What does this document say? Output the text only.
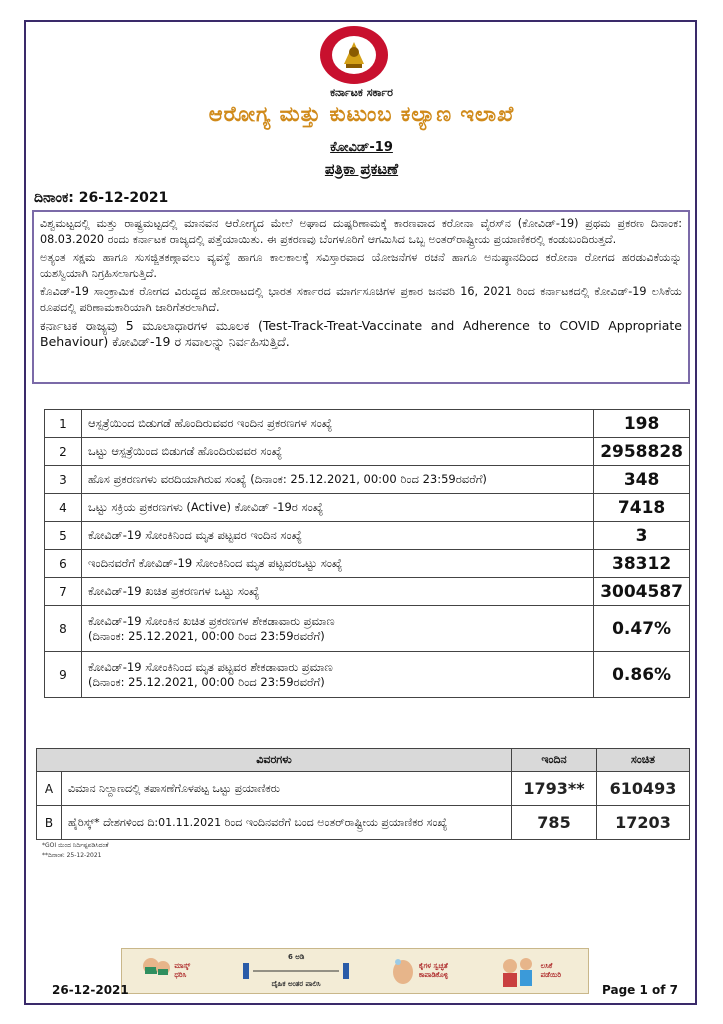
ಕರ್ನಾಟಕ ಸರ್ಕಾರ
ಆರೋಗ್ಯ ಮತ್ತು ಕುಟುಂಬ ಕಲ್ಯಾಣ ಇಲಾಖೆ
ಕೋವಿಡ್-19
ಪತ್ರಿಕಾ ಪ್ರಕಟಣೆ
ದಿನಾಂಕ: 26-12-2021

ವಿಶ್ವಮಟ್ಟದಲ್ಲಿ ಮತ್ತು ರಾಷ್ಟ್ರಮಟ್ಟದಲ್ಲಿ ಮಾನವನ ಆರೋಗ್ಯದ ಮೇಲೆ ಅಘಾದ ದುಷ್ಪರಿಣಾಮಕ್ಕೆ ಕಾರಣವಾದ ಕರೋನಾ ವೈರಸ್‌ನ (ಕೋವಿಡ್-19) ಪ್ರಥಮ ಪ್ರಕರಣ ದಿನಾಂಕ: 08.03.2020 ರಂದು ಕರ್ನಾಟಕ ರಾಜ್ಯದಲ್ಲಿ ಪತ್ತೆಯಾಯಿತು. ಈ ಪ್ರಕರಣವು ಬೆಂಗಳೂರಿಗೆ ಆಗಮಿಸಿದ ಒಬ್ಬ ಅಂತರ್‌ರಾಷ್ಟ್ರೀಯ ಪ್ರಯಾಣಿಕರಲ್ಲಿ ಕಂಡುಬಂದಿರುತ್ತದೆ.

ಅತ್ಯಂತ ಸಕ್ಷಮ ಹಾಗೂ ಸುಸಜ್ಜಿತಕಣ್ಗಾವಲು ವ್ಯವಸ್ಥೆ ಹಾಗೂ ಕಾಲಕಾಲಕ್ಕೆ ಸವಿಸ್ತಾರವಾದ ಯೋಜನೆಗಳ ರಚನೆ ಹಾಗೂ ಅನುಷ್ಠಾನದಿಂದ ಕರೋನಾ ರೋಗದ ಹರಡುವಿಕೆಯನ್ನು ಯಶಸ್ವಿಯಾಗಿ ನಿಗ್ರಹಿಸಲಾಗುತ್ತಿದೆ.

ಕೊವಿಡ್-19 ಸಾಂಕ್ರಾಮಿಕ ರೋಗದ ವಿರುದ್ಧದ ಹೋರಾಟದಲ್ಲಿ ಭಾರತ ಸರ್ಕಾರದ ಮಾರ್ಗಸೂಚಿಗಳ ಪ್ರಕಾರ ಜನವರಿ 16, 2021 ರಿಂದ ಕರ್ನಾಟಕದಲ್ಲಿ ಕೋವಿಡ್-19 ಲಸಿಕೆಯ ರೂಪದಲ್ಲಿ ಪರಿಣಾಮಕಾರಿಯಾಗಿ ಜಾರಿಗೆತರಲಾಗಿದೆ.

ಕರ್ನಾಟಕ ರಾಜ್ಯವು 5 ಮೂಲಾಧಾರಗಳ ಮೂಲಕ (Test-Track-Treat-Vaccinate and Adherence to COVID Appropriate Behaviour) ಕೋವಿಡ್-19 ರ ಸವಾಲನ್ನು ನಿರ್ವಹಿಸುತ್ತಿದೆ.

1	ಆಸ್ಪತ್ರೆಯಿಂದ ಬಿಡುಗಡೆ ಹೊಂದಿರುವವರ ಇಂದಿನ ಪ್ರಕರಣಗಳ ಸಂಖ್ಯೆ	198
2	ಒಟ್ಟು ಆಸ್ಪತ್ರೆಯಿಂದ ಬಿಡುಗಡೆ ಹೊಂದಿರುವವರ ಸಂಖ್ಯೆ	2958828
3	ಹೊಸ ಪ್ರಕರಣಗಳು ವರದಿಯಾಗಿರುವ ಸಂಖ್ಯೆ (ದಿನಾಂಕ: 25.12.2021, 00:00 ರಿಂದ 23:59ರವರೆಗೆ)	348
4	ಒಟ್ಟು ಸಕ್ರಿಯ ಪ್ರಕರಣಗಳು (Active) ಕೋವಿಡ್ -19ರ ಸಂಖ್ಯೆ	7418
5	ಕೋವಿಡ್-19 ಸೋಂಕಿನಿಂದ ಮೃತ ಪಟ್ಟವರ ಇಂದಿನ ಸಂಖ್ಯೆ	3
6	ಇಂದಿನವರೆಗೆ ಕೋವಿಡ್-19 ಸೋಂಕಿನಿಂದ ಮೃತ ಪಟ್ಟವರಒಟ್ಟು ಸಂಖ್ಯೆ	38312
7	ಕೋವಿಡ್-19 ಖಚಿತ ಪ್ರಕರಣಗಳ ಒಟ್ಟು ಸಂಖ್ಯೆ	3004587
8	ಕೋವಿಡ್-19 ಸೋಂಕಿನ ಖಚಿತ ಪ್ರಕರಣಗಳ ಶೇಕಡಾವಾರು ಪ್ರಮಾಣ
(ದಿನಾಂಕ: 25.12.2021, 00:00 ರಿಂದ 23:59ರವರೆಗೆ)	0.47%
9	ಕೋವಿಡ್-19 ಸೋಂಕಿನಿಂದ ಮೃತ ಪಟ್ಟವರ ಶೇಕಡಾವಾರು ಪ್ರಮಾಣ
(ದಿನಾಂಕ: 25.12.2021, 00:00 ರಿಂದ 23:59ರವರೆಗೆ)	0.86%
ವಿವರಗಳು		ಇಂದಿನ	ಸಂಚಿತ
A	ವಿಮಾನ ನಿಲ್ದಾಣದಲ್ಲಿ ತಪಾಸಣೆಗೊಳಪಟ್ಟ ಒಟ್ಟು ಪ್ರಯಾಣಿಕರು	1793**	610493
B	ಹೈರಿಸ್ಕ್* ದೇಶಗಳಿಂದ ದಿ:01.11.2021 ರಿಂದ ಇಂದಿನವರೆಗೆ ಬಂದ ಅಂತರ್‌ರಾಷ್ಟ್ರೀಯ ಪ್ರಯಾಣಿಕರ ಸಂಖ್ಯೆ	785	17203
*GOI ಯಿಂದ ನಿರ್ದಿಷ್ಟಪಡಿಸಿದಂತೆ
**ದಿನಾಂಕ: 25-12-2021
ಮಾಸ್ಕ್ ಧರಿಸಿ
6 ಅಡಿ
ದೈಹಿಕ ಅಂತರ ಪಾಲಿಸಿ
ಕೈಗಳ ಸ್ವಚ್ಛತೆ ಕಾಪಾಡಿಕೊಳ್ಳಿ
ಲಸಿಕೆ ಪಡೆಯಿರಿ
26-12-2021	Page 1 of 7
